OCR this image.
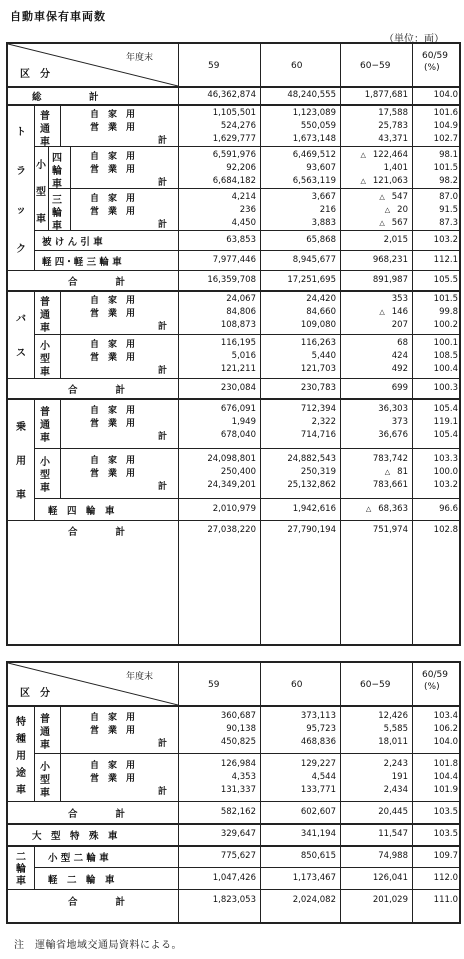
自動車保有車両数
（単位：両）
年度末
区　分
59	60	60−59
60/59
(%)
総　　　　　計	46,362,874	48,240,555	1,877,681	104.0
普
通
車
自　家　用	1,105,501	1,123,089	17,588	101.6
営　業　用	524,276	550,059	25,783	104.9
計	1,629,777	1,673,148	43,371	102.7
四
輪
車
自　家　用	6,591,976	6,469,512	△  122,464	98.1
営　業　用	92,206	93,607	1,401	101.5
計	6,684,182	6,563,119	△  121,063	98.2
三
輪
車
自　家　用	4,214	3,667	△  547	87.0
営　業　用	236	216	△  20	91.5
計	4,450	3,883	△  567	87.3
小
型
車
被 け ん 引 車	63,853	65,868	2,015	103.2
軽 四・軽 三 輪 車	7,977,446	8,945,677	968,231	112.1
ト
ラ
ッ
ク
合　　　　計	16,359,708	17,251,695	891,987	105.5
普
通
車
自　家　用	24,067	24,420	353	101.5
営　業　用	84,806	84,660	△  146	99.8
計	108,873	109,080	207	100.2
小
型
車
自　家　用	116,195	116,263	68	100.1
営　業　用	5,016	5,440	424	108.5
計	121,211	121,703	492	100.4
バ
ス
合　　　　計	230,084	230,783	699	100.3
普
通
車
自　家　用	676,091	712,394	36,303	105.4
営　業　用	1,949	2,322	373	119.1
計	678,040	714,716	36,676	105.4
小
型
車
自　家　用	24,098,801	24,882,543	783,742	103.3
営　業　用	250,400	250,319	△  81	100.0
計	24,349,201	25,132,862	783,661	103.2
軽　四　輪　車	2,010,979	1,942,616	△  68,363	96.6
乗
用
車
合　　　　計	27,038,220	27,790,194	751,974	102.8
年度末
区　分
59	60	60−59
60/59
(%)
普
通
車
自　家　用	360,687	373,113	12,426	103.4
営　業　用	90,138	95,723	5,585	106.2
計	450,825	468,836	18,011	104.0
小
型
車
自　家　用	126,984	129,227	2,243	101.8
営　業　用	4,353	4,544	191	104.4
計	131,337	133,771	2,434	101.9
特
種
用
途
車
合　　　　計	582,162	602,607	20,445	103.5
大　型　特　殊　車	329,647	341,194	11,547	103.5
小 型 二 輪 車	775,627	850,615	74,988	109.7
軽　二　輪　車	1,047,426	1,173,467	126,041	112.0
二
輪
車
合　　　　計	1,823,053	2,024,082	201,029	111.0
注　運輸省地域交通局資料による。
